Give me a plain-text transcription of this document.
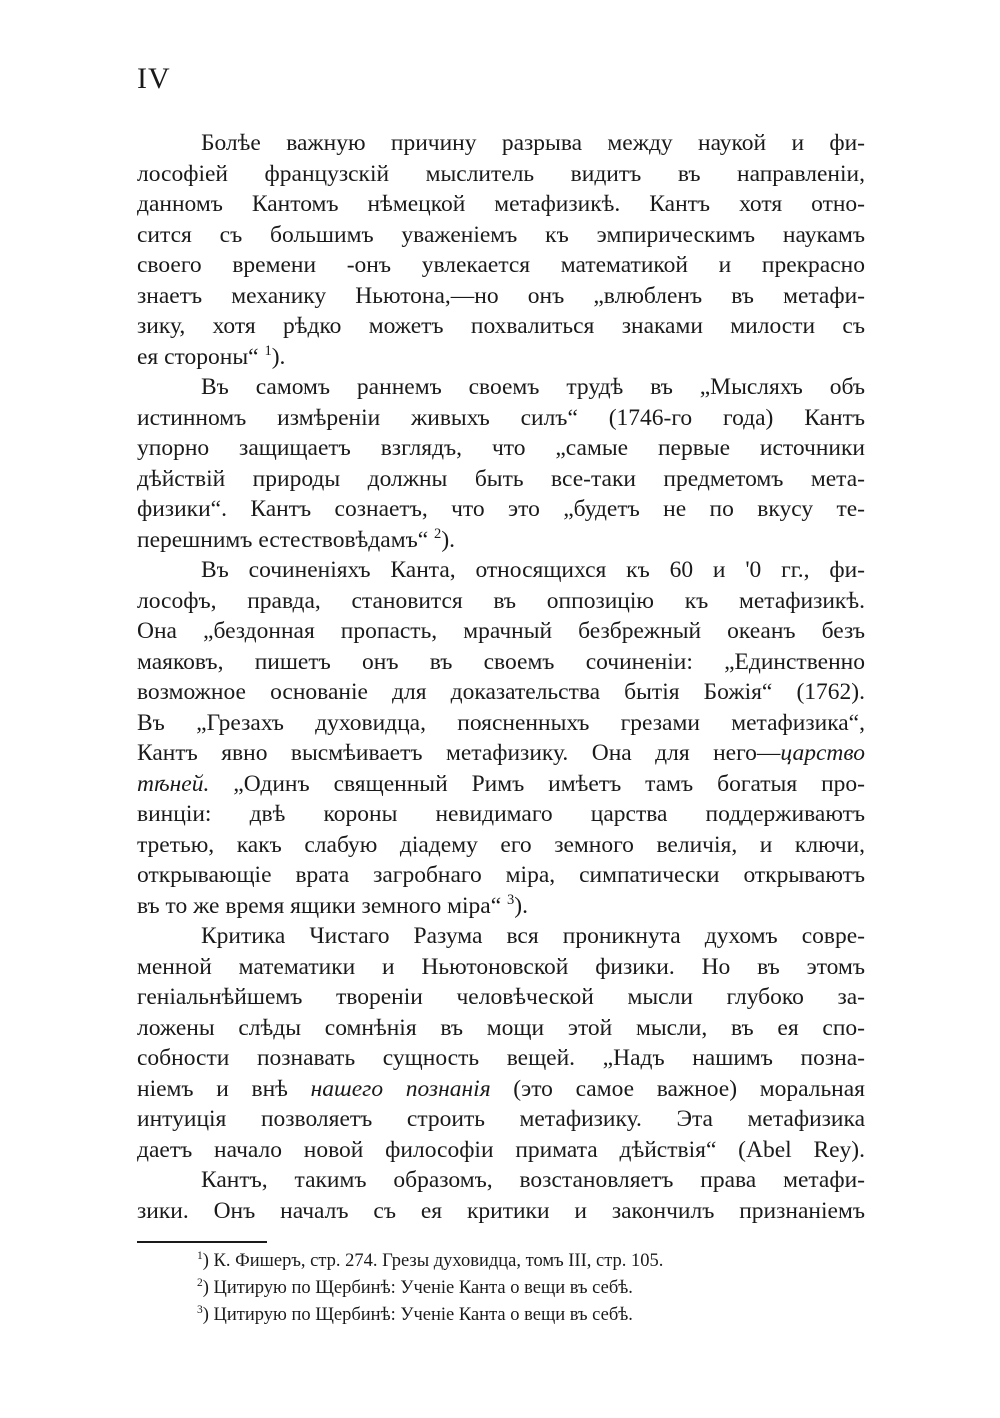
IV
Болѣе важную причину разрыва между наукой и фи-
лософіей французскій мыслитель видитъ въ направленіи,
данномъ Кантомъ нѣмецкой метафизикѣ. Кантъ хотя отно-
сится съ большимъ уваженіемъ къ эмпирическимъ наукамъ
своего времени -онъ увлекается математикой и прекрасно
знаетъ механику Ньютона,—но онъ „влюбленъ въ метафи-
зику, хотя рѣдко можетъ похвалиться знаками милости съ
ея стороны“ $^1$).
Въ самомъ раннемъ своемъ трудѣ въ „Мысляхъ объ
истинномъ измѣреніи живыхъ силъ“ (1746-го года) Кантъ
упорно защищаетъ взглядъ, что „самые первые источники
дѣйствій природы должны быть все-таки предметомъ мета-
физики“. Кантъ сознаетъ, что это „будетъ не по вкусу те-
перешнимъ естествовѣдамъ“ $^2$).
Въ сочиненіяхъ Канта, относящихся къ 60 и '0 гг., фи-
лософъ, правда, становится въ оппозицію къ метафизикѣ.
Она „бездонная пропасть, мрачный безбрежный океанъ безъ
маяковъ, пишетъ онъ въ своемъ сочиненіи: „Единственно
возможное основаніе для доказательства бытія Божія“ (1762).
Въ „Грезахъ духовидца, поясненныхъ грезами метафизика“,
Кантъ явно высмѣиваетъ метафизику. Она для него—царство
тѣней. „Одинъ священный Римъ имѣетъ тамъ богатыя про-
винціи: двѣ короны невидимаго царства поддерживаютъ
третью, какъ слабую діадему его земного величія, и ключи,
открывающіе врата загробнаго міра, симпатически открываютъ
въ то же время ящики земного міра“ $^3$).
Критика Чистаго Разума вся проникнута духомъ совре-
менной математики и Ньютоновской физики. Но въ этомъ
геніальнѣйшемъ твореніи человѣческой мысли глубоко за-
ложены слѣды сомнѣнія въ мощи этой мысли, въ ея спо-
собности познавать сущность вещей. „Надъ нашимъ позна-
ніемъ и внѣ нашего познанія (это самое важное) моральная
интуиція позволяетъ строить метафизику. Эта метафизика
даетъ начало новой философіи примата дѣйствія“ (Abel Rey).
Кантъ, такимъ образомъ, возстановляетъ права метафи-
зики. Онъ началъ съ ея критики и закончилъ признаніемъ
$^1$) К. Фишеръ, стр. 274. Грезы духовидца, томъ III, стр. 105.
$^2$) Цитирую по Щербинѣ: Ученіе Канта о вещи въ себѣ.
$^3$) Цитирую по Щербинѣ: Ученіе Канта о вещи въ себѣ.
